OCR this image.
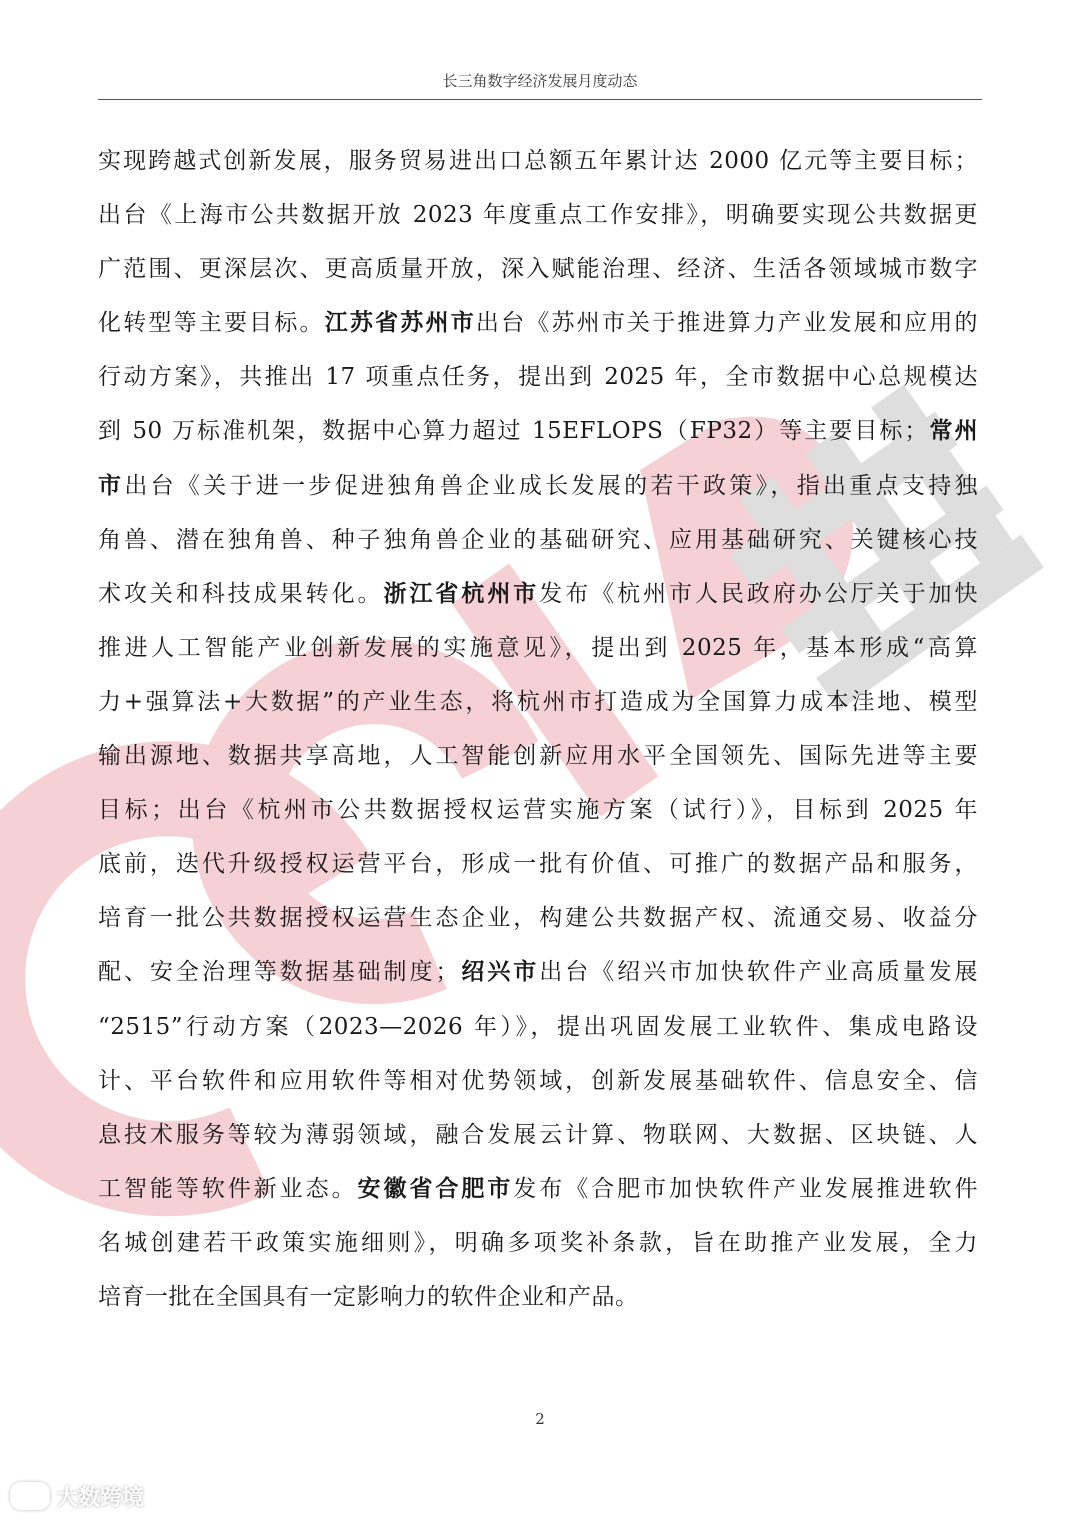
长三角数字经济发展月度动态
实现跨越式创新发展，服务贸易进出口总额五年累计达 2000 亿元等主要目标；
出台《上海市公共数据开放 2023 年度重点工作安排》，明确要实现公共数据更
广范围、更深层次、更高质量开放，深入赋能治理、经济、生活各领域城市数字
化转型等主要目标。江苏省苏州市出台《苏州市关于推进算力产业发展和应用的
行动方案》，共推出 17 项重点任务，提出到 2025 年，全市数据中心总规模达
到 50 万标准机架，数据中心算力超过 15EFLOPS（FP32）等主要目标；常州
市出台《关于进一步促进独角兽企业成长发展的若干政策》，指出重点支持独
角兽、潜在独角兽、种子独角兽企业的基础研究、应用基础研究、关键核心技
术攻关和科技成果转化。浙江省杭州市发布《杭州市人民政府办公厅关于加快
推进人工智能产业创新发展的实施意见》，提出到 2025 年，基本形成“高算
力+强算法+大数据”的产业生态，将杭州市打造成为全国算力成本洼地、模型
输出源地、数据共享高地，人工智能创新应用水平全国领先、国际先进等主要
目标；出台《杭州市公共数据授权运营实施方案（试行）》，目标到 2025 年
底前，迭代升级授权运营平台，形成一批有价值、可推广的数据产品和服务，
培育一批公共数据授权运营生态企业，构建公共数据产权、流通交易、收益分
配、安全治理等数据基础制度；绍兴市出台《绍兴市加快软件产业高质量发展
“2515”行动方案（2023—2026 年）》，提出巩固发展工业软件、集成电路设
计、平台软件和应用软件等相对优势领域，创新发展基础软件、信息安全、信
息技术服务等较为薄弱领域，融合发展云计算、物联网、大数据、区块链、人
工智能等软件新业态。安徽省合肥市发布《合肥市加快软件产业发展推进软件
名城创建若干政策实施细则》，明确多项奖补条款，旨在助推产业发展，全力
培育一批在全国具有一定影响力的软件企业和产品。
2
大数跨境
